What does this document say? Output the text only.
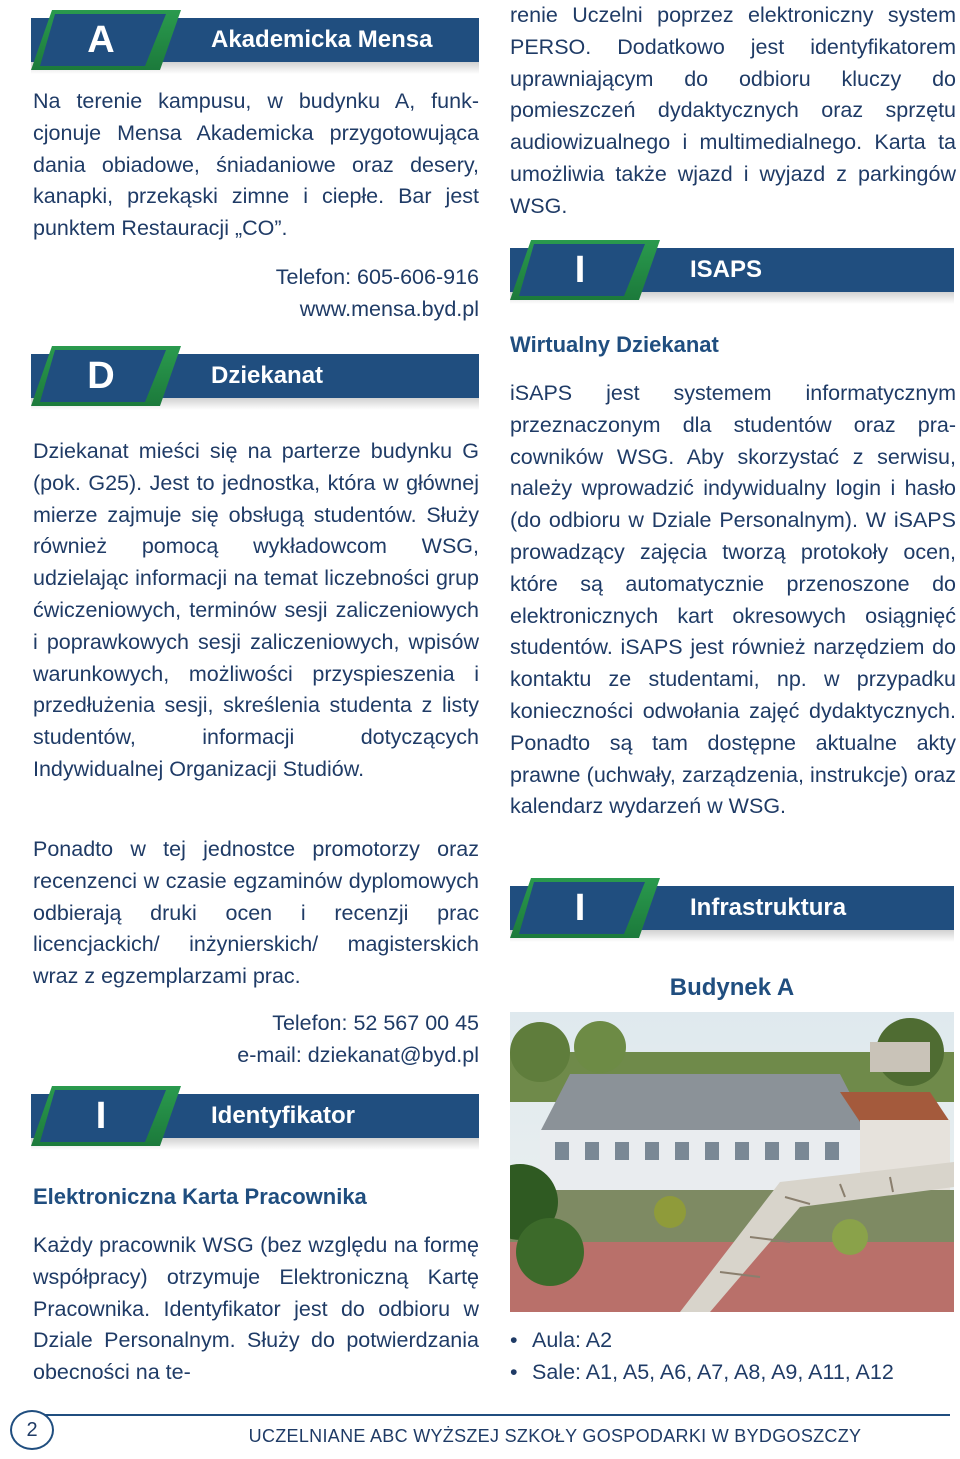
A	Akademicka Mensa

Na terenie kampusu, w budynku A, funkcjonuje Mensa Akademicka przygotowująca dania obiadowe, śniadaniowe oraz desery, kanapki, przekąski zimne i ciepłe. Bar jest punktem Restauracji „CO”.

Telefon: 605-606-916
www.mensa.byd.pl
D	Dziekanat

Dziekanat mieści się na parterze budynku G (pok. G25). Jest to jednostka, która w głównej mierze zajmuje się obsługą studentów. Służy również pomocą wykładowcom WSG, udzielając informacji na temat liczebności grup ćwiczeniowych, terminów sesji zaliczeniowych i poprawkowych sesji zaliczeniowych, wpisów warunkowych, możliwości przyspieszenia i przedłużenia sesji, skreślenia studenta z listy studentów, informacji dotyczących Indywidualnej Organizacji Studiów.

Ponadto w tej jednostce promotorzy oraz recenzenci w czasie egzaminów dyplomowych odbierają druki ocen i recenzji prac licencjackich/ inżynierskich/ magisterskich wraz z egzemplarzami prac.

Telefon: 52 567 00 45
e-mail: dziekanat@byd.pl
I	Identyfikator
Elektroniczna Karta Pracownika

Każdy pracownik WSG (bez względu na formę współpracy) otrzymuje Elektroniczną Kartę Pracownika. Identyfikator jest do odbioru w Dziale Personalnym. Służy do potwierdzania obecności na te-

renie Uczelni poprzez elektroniczny system PERSO. Dodatkowo jest identyfikatorem uprawniającym do odbioru kluczy do pomieszczeń dydaktycznych oraz sprzętu audiowizualnego i multimedialnego. Karta ta umożliwia także wjazd i wyjazd z parkingów WSG.

I	ISAPS
Wirtualny Dziekanat

iSAPS jest systemem informatycznym przeznaczonym dla studentów oraz pracowników WSG. Aby skorzystać z serwisu, należy wprowadzić indywidualny login i hasło (do odbioru w Dziale Personalnym). W iSAPS prowadzący zajęcia tworzą protokoły ocen, które są automatycznie przenoszone do elektronicznych kart okresowych osiągnięć studentów. iSAPS jest również narzędziem do kontaktu ze studentami, np. w przypadku konieczności odwołania zajęć dydaktycznych. Ponadto są tam dostępne aktualne akty prawne (uchwały, zarządzenia, instrukcje) oraz kalendarz wydarzeń w WSG.

I	Infrastruktura
Budynek A
• Aula: A2
• Sale: A1, A5, A6, A7, A8, A9, A11, A12
2	UCZELNIANE ABC WYŻSZEJ SZKOŁY GOSPODARKI W BYDGOSZCZY
